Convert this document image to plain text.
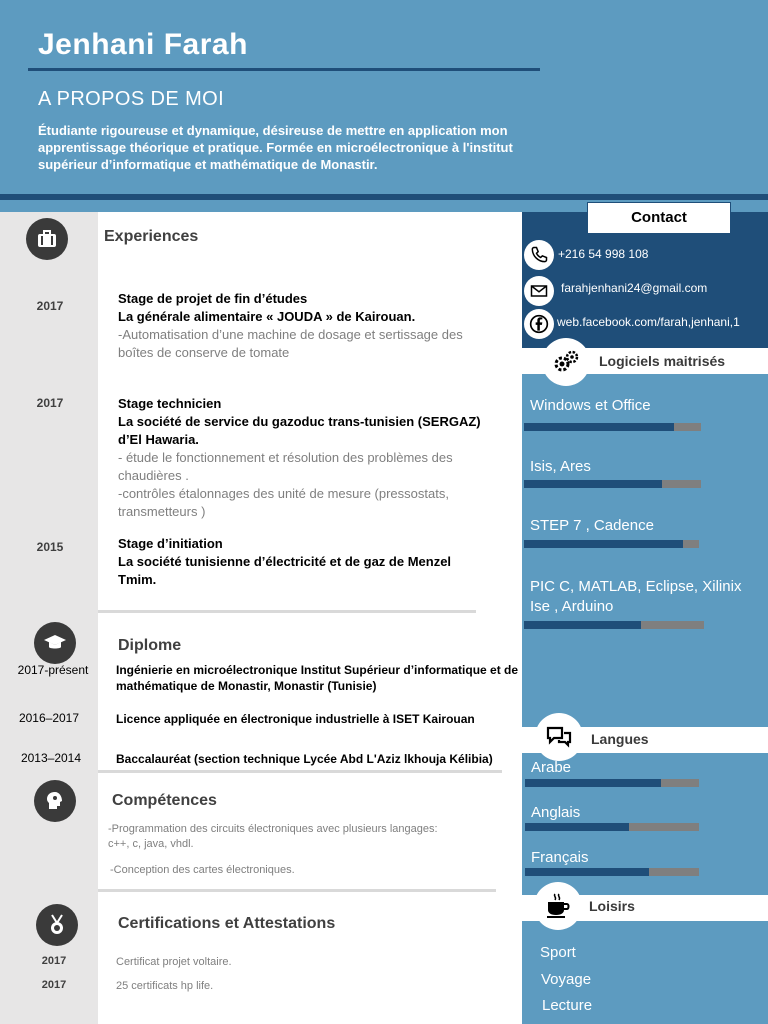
Jenhani Farah
A PROPOS DE MOI
Étudiante rigoureuse et dynamique, désireuse de mettre en application mon apprentissage théorique et pratique. Formée en microélectronique à l'institut supérieur d’informatique et mathématique de Monastir.
Experiences
2017	Stage de projet de fin d’études
La générale alimentaire « JOUDA » de Kairouan.
-Automatisation d’une machine de dosage et sertissage des boîtes de conserve de tomate
2017	Stage technicien
La société de service du gazoduc trans-tunisien (SERGAZ) d’El Hawaria.
- étude le fonctionnement et résolution des problèmes des chaudières .
-contrôles étalonnages des unité de mesure (pressostats, transmetteurs )
2015	Stage d’initiation
La société tunisienne d’électricité et de gaz de Menzel Tmim.
Diplome
2017-présent	Ingénierie en microélectronique Institut Supérieur d’informatique et de mathématique de Monastir, Monastir (Tunisie)
2016–2017	Licence appliquée en électronique industrielle à ISET Kairouan
2013–2014	Baccalauréat (section technique Lycée Abd L'Aziz lkhouja Kélibia)
Compétences
-Programmation des circuits électroniques avec plusieurs langages:
c++, c, java, vhdl.
-Conception des cartes électroniques.
Certifications et Attestations
2017	Certificat projet voltaire.
2017	25 certificats hp life.
Contact
+216 54 998 108
farahjenhani24@gmail.com
web.facebook.com/farah,jenhani,1
Logiciels maitrisés
Windows et Office
Isis, Ares
STEP 7 , Cadence
PIC C, MATLAB, Eclipse, Xilinix Ise , Arduino
Langues
Arabe
Anglais
Français
Loisirs
Sport
Voyage
Lecture
